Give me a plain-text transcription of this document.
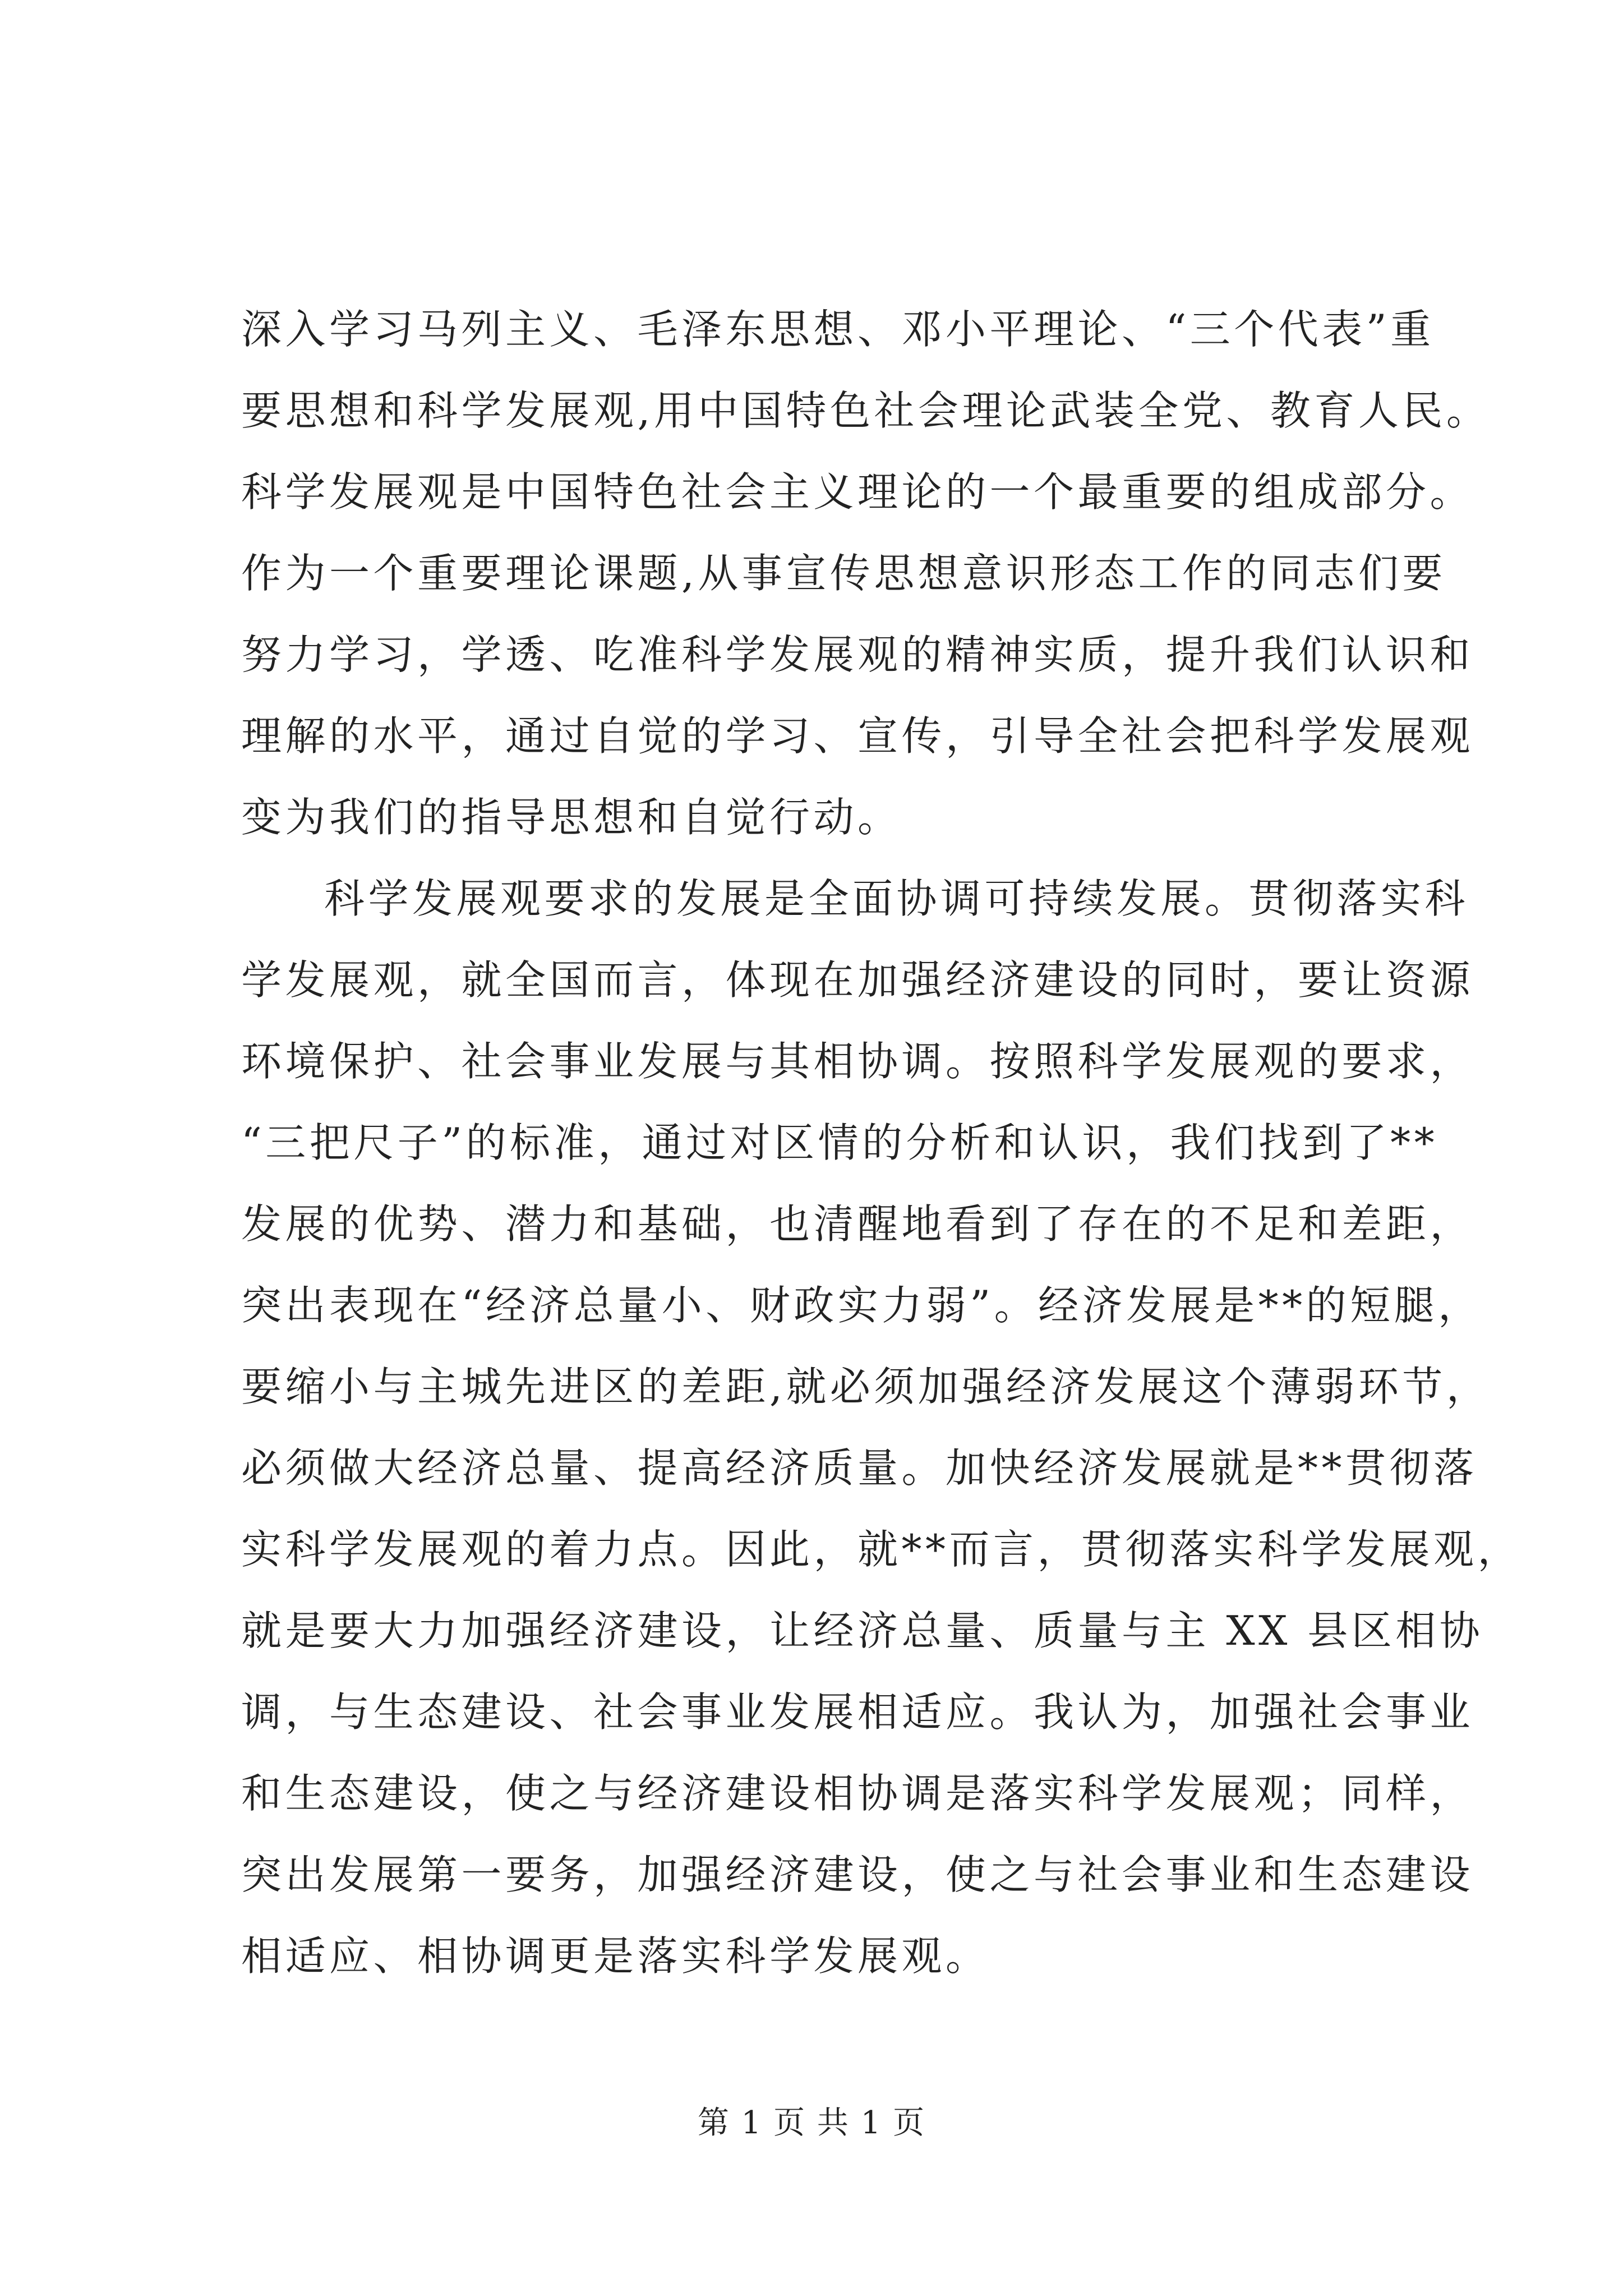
深入学习马列主义、毛泽东思想、邓小平理论、“三个代表”重
要思想和科学发展观,用中国特色社会理论武装全党、教育人民。
科学发展观是中国特色社会主义理论的一个最重要的组成部分。
作为一个重要理论课题,从事宣传思想意识形态工作的同志们要
努力学习，学透、吃准科学发展观的精神实质，提升我们认识和
理解的水平，通过自觉的学习、宣传，引导全社会把科学发展观
变为我们的指导思想和自觉行动。
科学发展观要求的发展是全面协调可持续发展。贯彻落实科
学发展观，就全国而言，体现在加强经济建设的同时，要让资源
环境保护、社会事业发展与其相协调。按照科学发展观的要求，
“三把尺子”的标准，通过对区情的分析和认识，我们找到了**
发展的优势、潜力和基础，也清醒地看到了存在的不足和差距，
突出表现在“经济总量小、财政实力弱”。经济发展是**的短腿，
要缩小与主城先进区的差距,就必须加强经济发展这个薄弱环节，
必须做大经济总量、提高经济质量。加快经济发展就是**贯彻落
实科学发展观的着力点。因此，就**而言，贯彻落实科学发展观，
就是要大力加强经济建设，让经济总量、质量与主 XX 县区相协
调，与生态建设、社会事业发展相适应。我认为，加强社会事业
和生态建设，使之与经济建设相协调是落实科学发展观；同样，
突出发展第一要务，加强经济建设，使之与社会事业和生态建设
相适应、相协调更是落实科学发展观。
第 1 页 共 1 页
